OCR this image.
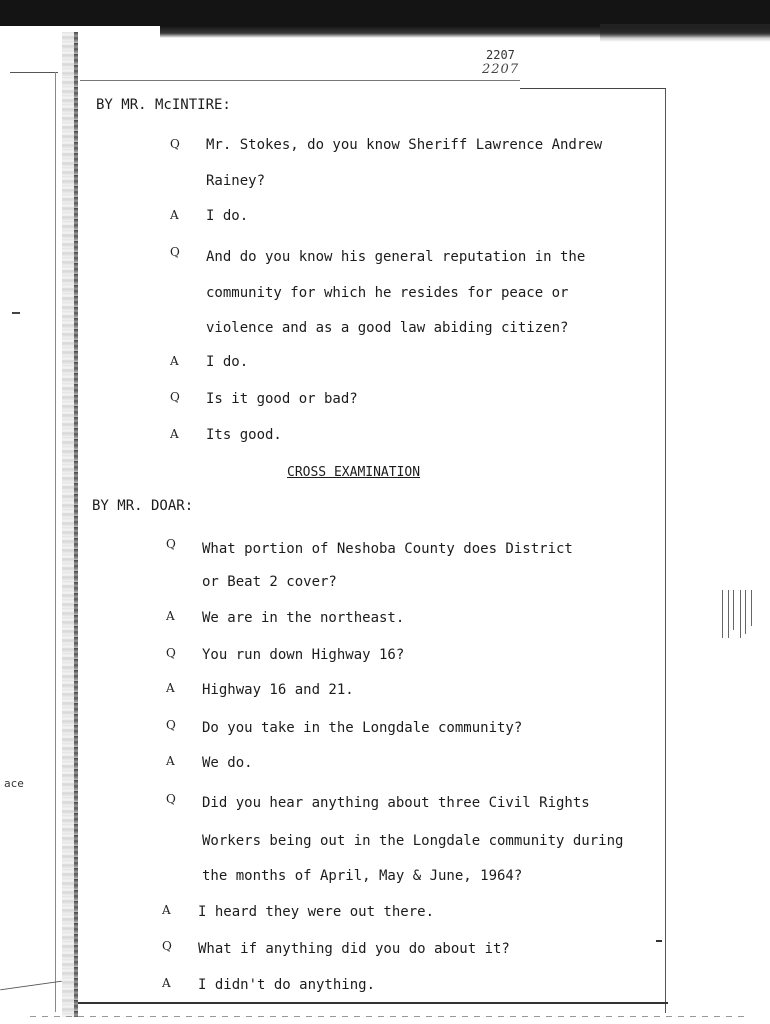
ace
2207
2207
BY MR. McINTIRE:
Q Mr. Stokes, do you know Sheriff Lawrence Andrew
Rainey?
A I do.
Q And do you know his general reputation in the
community for which he resides for peace or
violence and as a good law abiding citizen?
A I do.
Q Is it good or bad?
A Its good.
CROSS EXAMINATION
BY MR. DOAR:
Q What portion of Neshoba County does District
or Beat 2 cover?
A We are in the northeast.
Q You run down Highway 16?
A Highway 16 and 21.
Q Do you take in the Longdale community?
A We do.
Q Did you hear anything about three Civil Rights
Workers being out in the Longdale community during
the months of April, May & June, 1964?
A I heard they were out there.
Q What if anything did you do about it?
A I didn't do anything.
